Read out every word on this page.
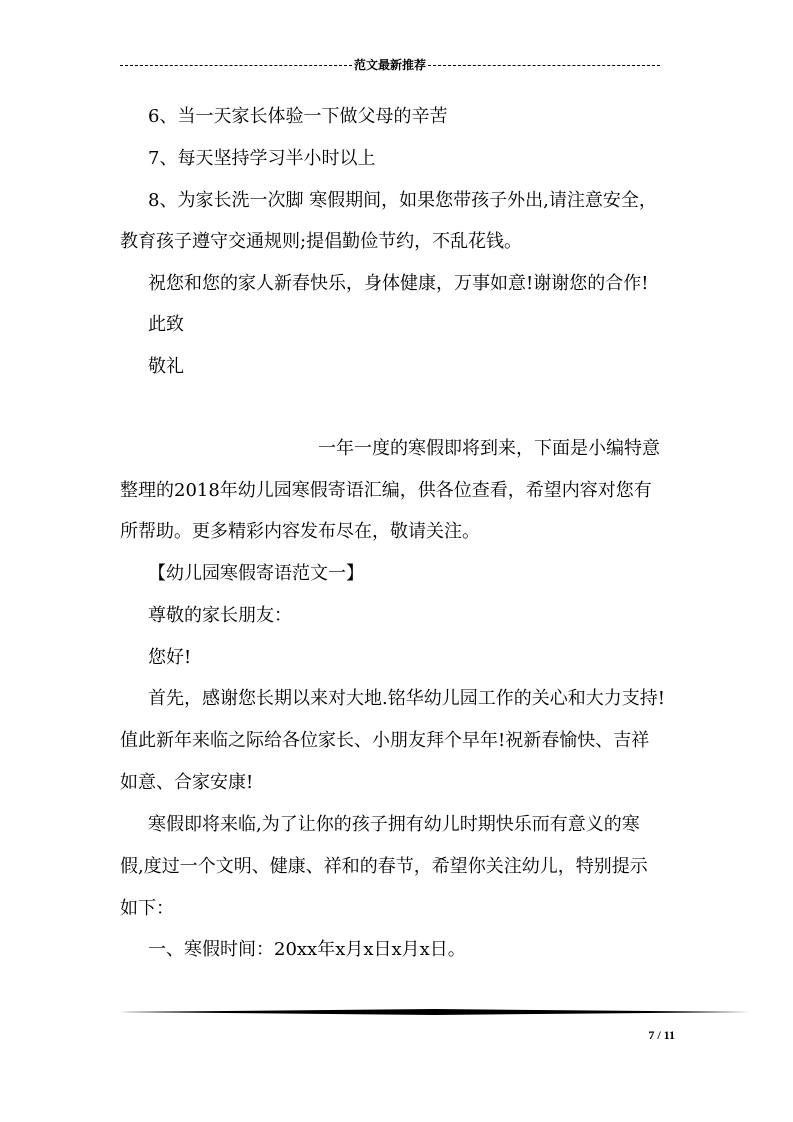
范文最新推荐
6、当一天家长体验一下做父母的辛苦
7、每天坚持学习半小时以上
8、为家长洗一次脚 寒假期间，如果您带孩子外出,请注意安全，
教育孩子遵守交通规则;提倡勤俭节约，不乱花钱。
祝您和您的家人新春快乐，身体健康，万事如意!谢谢您的合作!
此致
敬礼
一年一度的寒假即将到来，下面是小编特意
整理的2018年幼儿园寒假寄语汇编，供各位查看，希望内容对您有
所帮助。更多精彩内容发布尽在，敬请关注。
【幼儿园寒假寄语范文一】
尊敬的家长朋友：
您好!
首先，感谢您长期以来对大地.铭华幼儿园工作的关心和大力支持!
值此新年来临之际给各位家长、小朋友拜个早年!祝新春愉快、吉祥
如意、合家安康!
寒假即将来临,为了让你的孩子拥有幼儿时期快乐而有意义的寒
假,度过一个文明、健康、祥和的春节，希望你关注幼儿，特别提示
如下：
一、寒假时间：20xx年x月x日x月x日。
7 / 11
